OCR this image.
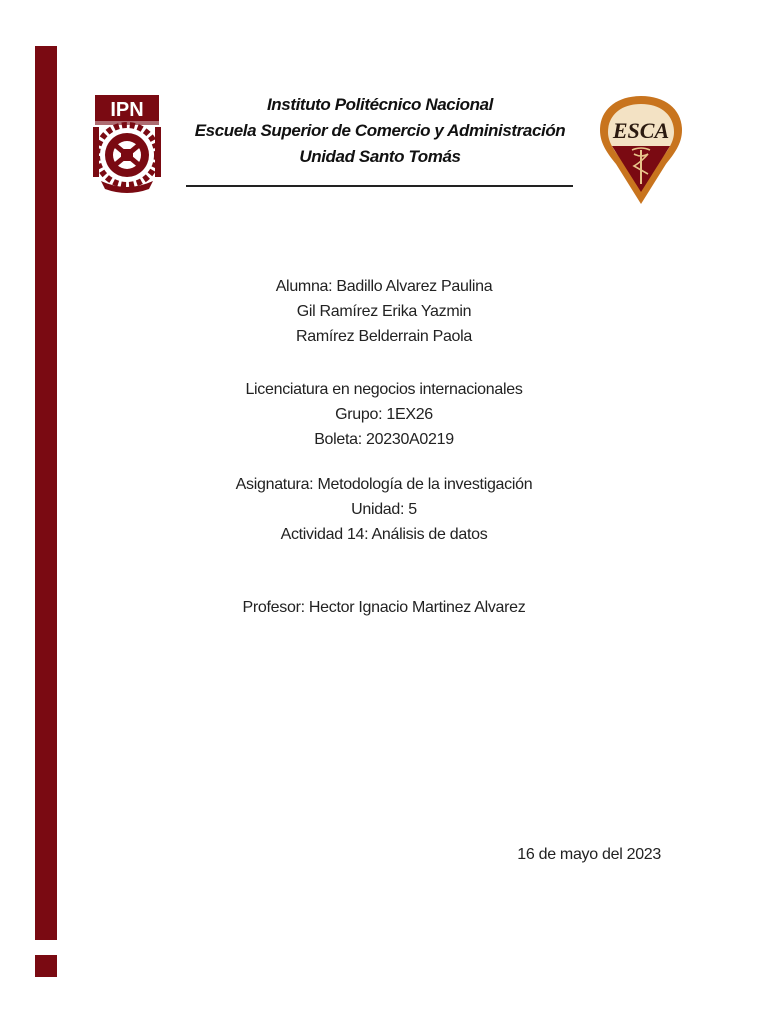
IPN
ESCA
Instituto Politécnico Nacional
Escuela Superior de Comercio y Administración
Unidad Santo Tomás
Alumna: Badillo Alvarez Paulina
Gil Ramírez Erika Yazmin
Ramírez Belderrain Paola
Licenciatura en negocios internacionales
Grupo: 1EX26
Boleta: 20230A0219
Asignatura: Metodología de la investigación
Unidad: 5
Actividad 14: Análisis de datos
Profesor: Hector Ignacio Martinez Alvarez
16 de mayo del 2023
